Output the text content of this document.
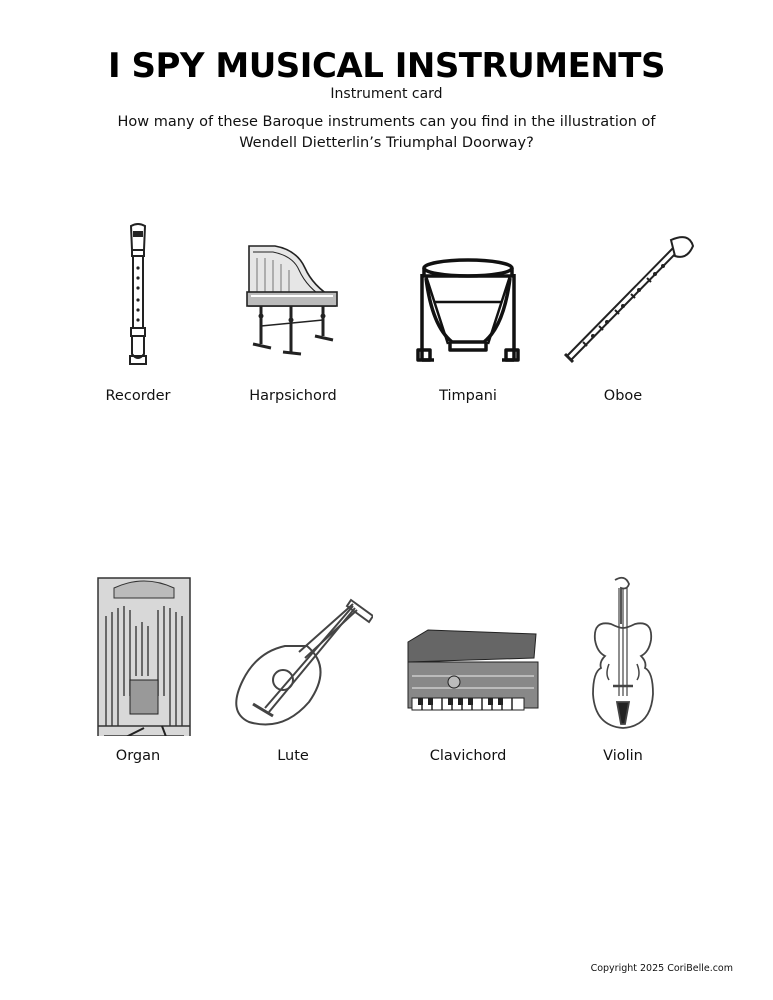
I SPY MUSICAL INSTRUMENTS
Instrument card
How many of these Baroque instruments can you find in the illustration of Wendell Dietterlin’s Triumphal Doorway?
Recorder	Harpsichord	Timpani	Oboe
Organ	Lute	Clavichord	Violin
Copyright 2025 CoriBelle.com
